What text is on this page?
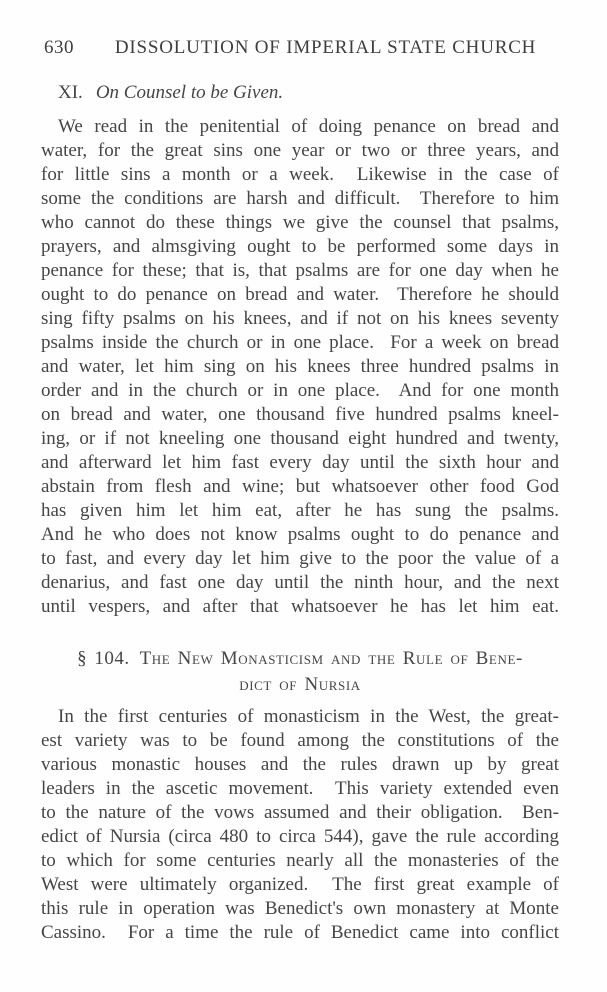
630	DISSOLUTION OF IMPERIAL STATE CHURCH
XI. On Counsel to be Given.
We read in the penitential of doing penance on bread and
water, for the great sins one year or two or three years, and
for little sins a month or a week.  Likewise in the case of
some the conditions are harsh and difficult.  Therefore to him
who cannot do these things we give the counsel that psalms,
prayers, and almsgiving ought to be performed some days in
penance for these; that is, that psalms are for one day when he
ought to do penance on bread and water.  Therefore he should
sing fifty psalms on his knees, and if not on his knees seventy
psalms inside the church or in one place.  For a week on bread
and water, let him sing on his knees three hundred psalms in
order and in the church or in one place.  And for one month
on bread and water, one thousand five hundred psalms kneel-
ing, or if not kneeling one thousand eight hundred and twenty,
and afterward let him fast every day until the sixth hour and
abstain from flesh and wine; but whatsoever other food God
has given him let him eat, after he has sung the psalms.
And he who does not know psalms ought to do penance and
to fast, and every day let him give to the poor the value of a
denarius, and fast one day until the ninth hour, and the next
until vespers, and after that whatsoever he has let him eat.
§ 104. The New Monasticism and the Rule of Bene-
dict of Nursia
In the first centuries of monasticism in the West, the great-
est variety was to be found among the constitutions of the
various monastic houses and the rules drawn up by great
leaders in the ascetic movement.  This variety extended even
to the nature of the vows assumed and their obligation.  Ben-
edict of Nursia (circa 480 to circa 544), gave the rule according
to which for some centuries nearly all the monasteries of the
West were ultimately organized.  The first great example of
this rule in operation was Benedict's own monastery at Monte
Cassino.  For a time the rule of Benedict came into conflict
